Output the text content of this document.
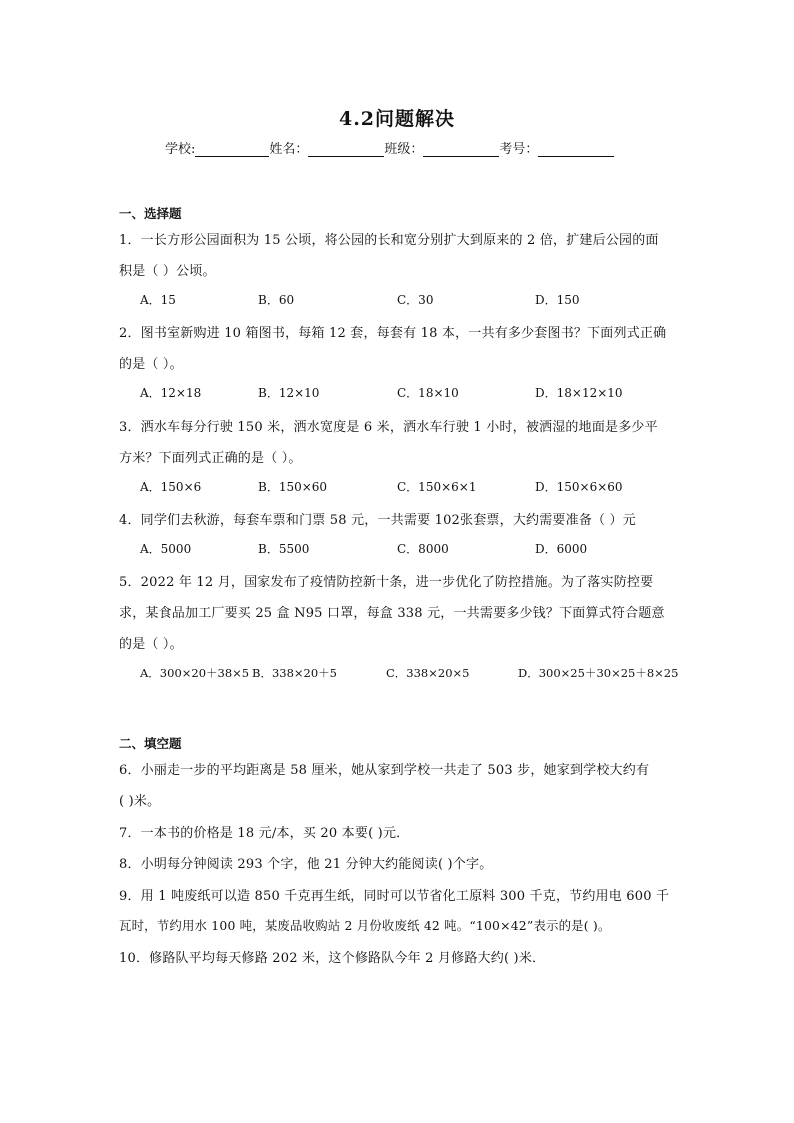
4.2问题解决
学校:	姓名：	班级：	考号：
一、选择题
1．一长方形公园面积为 15 公顷，将公园的长和宽分别扩大到原来的 2 倍，扩建后公园的面
积是（ ）公顷。
A．15	B．60	C．30	D．150
2．图书室新购进 10 箱图书，每箱 12 套，每套有 18 本，一共有多少套图书？下面列式正确
的是（ ）。
A．12×18	B．12×10	C．18×10	D．18×12×10
3．洒水车每分行驶 150 米，洒水宽度是 6 米，洒水车行驶 1 小时，被洒湿的地面是多少平
方米？下面列式正确的是（ ）。
A．150×6	B．150×60	C．150×6×1	D．150×6×60
4．同学们去秋游，每套车票和门票 58 元，一共需要 102张套票，大约需要准备（ ）元
A．5000	B．5500	C．8000	D．6000
5．2022 年 12 月，国家发布了疫情防控新十条，进一步优化了防控措施。为了落实防控要
求，某食品加工厂要买 25 盒 N95 口罩，每盒 338 元，一共需要多少钱？下面算式符合题意
的是（ ）。
A．300×20＋38×5 B．338×20＋5	C．338×20×5	D．300×25＋30×25＋8×25
二、填空题
6．小丽走一步的平均距离是 58 厘米，她从家到学校一共走了 503 步，她家到学校大约有
( )米。
7．一本书的价格是 18 元/本，买 20 本要( )元．
8．小明每分钟阅读 293 个字，他 21 分钟大约能阅读( )个字。
9．用 1 吨废纸可以造 850 千克再生纸，同时可以节省化工原料 300 千克，节约用电 600 千
瓦时，节约用水 100 吨，某废品收购站 2 月份收废纸 42 吨。“100×42”表示的是( )。
10．修路队平均每天修路 202 米，这个修路队今年 2 月修路大约( )米．
